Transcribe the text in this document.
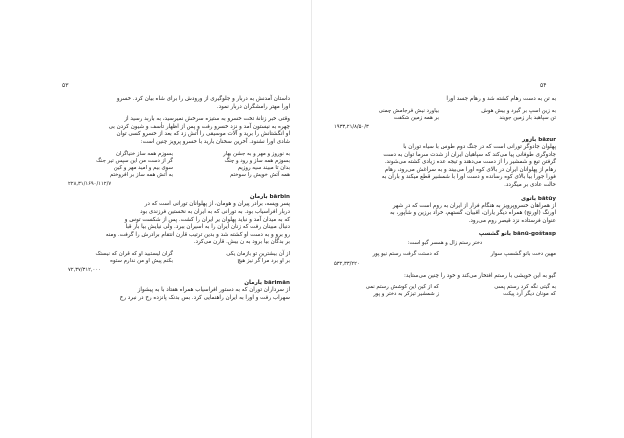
۵۳

داستان آمدنش به دربار و جلوگیری از ورودش را برای شاه بیان کرد. خسرو

اورا مهتر رامشگران دربار نمود.

وقتی خبر زنانۀ تخت خسرو به ستیزه سرخش نمیرسید، به باربد رسید از

چهره به نیستون آمد و نزد خسرو رفت و پس از اظهار تأسف و شیون کردن بی

او انگشتانش را برید و آلات موسیقی را آتش زد که بعد از خسرو کسی توان

شادی اورا نشنود. آخرین سخنان بارید با خسرو پرویز چنین است:

به نوروز و مهر و به جشن بهار
بسوزم همه ساز خنیاگران
بسوزم همه ساز و رود و چنگ
گر از دست من این سپس تیر جنگ
بدان تا مبیند سیه روزیم
سوی بیم و امید مهر و کین
همه آتش خویش را سوختم
به آتش همه ساز بر افروختم
۲۲۸,۳۱/۱۶۹۰/۱۱۲/۷
بارمان bārbin

پسر ویسه، برادر پیران و هومان، از پهلوانان تورانی است که در

دربار افراسیاب بود. به تورانی که به ایران به نخستین فرزندی بود

که به میدان آمد و نباید پهلوان یر ایران را کشت. پس از شکست توس و

دنبال مبینان رفت که زنان ایران را به اسیران ببرد. ولی نیایش بیا بار قبا

رو برو و به دست او کشته شد و بدین ترتیب قارن انتقام برادرش را گرفت. ومنه

بر بدگان بیا برود به ن بیش. قارن می‌کرد.

از آن بیشترین تو بازمان یکی
گران لیستبید او که قران که نیستک
بر او برد مرا گر نیز هیچ
بکنم پیش او من ندارم ستوه
۷۲,۳۷/۳۱۲,۰۰۰
بارمان bārimān

از سرداران توران که به دستور افراسیاب همراه هفتاد با به پیشواز

سهراب رفت و اورا به ایران راهنمایی کرد. بس بدنک پانزده رخ در نبرد رخ

۵۴

به تن به دست رهام کشته شد و رهام جسد اورا

به زین اسپ بر گیرد و بیش هوش
بیاورد نیش فرجامش چمنی
تن سپاهبد بار زمین جویند
بر همه زمین شکفت
۱۹۳۳,۲۱/۸/۵۰/۳
بازور bāzur

پهلوان جادوگر تورانی است که در جنگ دوم طوس با سیاه توران با

جادوگری طوفانی پیا می‌کند که سپاهیان ایران از شدت سرما توان به دست

گرفتن تیغ و شمشیر را از دست می‌دهند و تیجه عده زیادی کشته می‌شوند.

رهام از پهلوانان ایران در بالای کوه اورا می‌بیند و به سراغش می‌رود، رهام

فورا جورا بیا بالای کوه رسانده و دست اورا با شمشیر قطع میکند و باران به

حالت عادی بر میگردد.

باتوی bātūy

از همراهان خسروپرویز به هنگام فرار از ایران به روم است که در شهر

اورنگ (اورنج) همراه دیگر یاران، اقبیان، گستهم، خراد برزین و شاپور، به

عنوان فرستاده نزد قیصر روم می‌رود.

بانو گشسپ bānū-goštasp
دختر رستم زال و همسر گیو است:
مهین دخت بانو گشسپ سوار
که دستت گرفت رستم نیو پور
۵۳۲,۳۳/۲۲۰

گیو به این خویشی با رستم افتخار می‌کند و خود را چنین می‌ستاید:

به گیتی نگه کرد رستم پسی
که از کین این کوشش رستم نمی
که مونان دیگر آرد پیکت
ز شمشیر تیزکر به دختر و پور
